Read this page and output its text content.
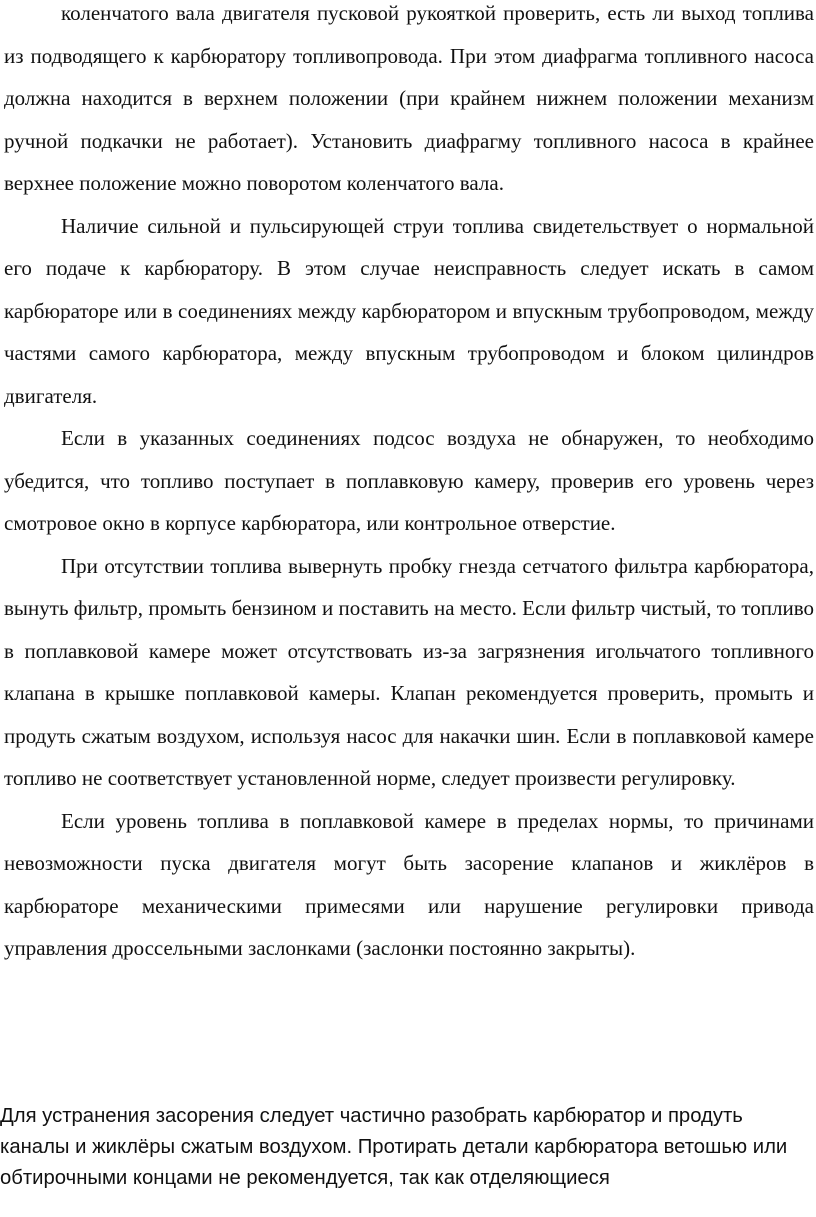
коленчатого вала двигателя пусковой рукояткой проверить, есть ли выход топлива из подводящего к карбюратору топливопровода. При этом диафрагма топливного насоса должна находится в верхнем положении (при крайнем нижнем положении механизм ручной подкачки не работает). Установить диафрагму топливного насоса в крайнее верхнее положение можно поворотом коленчатого вала.

Наличие сильной и пульсирующей струи топлива свидетельствует о нормальной его подаче к карбюратору. В этом случае неисправность следует искать в самом карбюраторе или в соединениях между карбюратором и впускным трубопроводом, между частями самого карбюратора, между впускным трубопроводом и блоком цилиндров двигателя.

Если в указанных соединениях подсос воздуха не обнаружен, то необходимо убедится, что топливо поступает в поплавковую камеру, проверив его уровень через смотровое окно в корпусе карбюратора, или контрольное отверстие.

При отсутствии топлива вывернуть пробку гнезда сетчатого фильтра карбюратора, вынуть фильтр, промыть бензином и поставить на место. Если фильтр чистый, то топливо в поплавковой камере может отсутствовать из-за загрязнения игольчатого топливного клапана в крышке поплавковой камеры. Клапан рекомендуется проверить, промыть и продуть сжатым воздухом, используя насос для накачки шин. Если в поплавковой камере топливо не соответствует установленной норме, следует произвести регулировку.

Если уровень топлива в поплавковой камере в пределах нормы, то причинами невозможности пуска двигателя могут быть засорение клапанов и жиклёров в карбюраторе механическими примесями или нарушение регулировки привода управления дроссельными заслонками (заслонки постоянно закрыты).

Для устранения засорения следует частично разобрать карбюратор и продуть каналы и жиклёры сжатым воздухом. Протирать детали карбюратора ветошью или обтирочными концами не рекомендуется, так как отделяющиеся
